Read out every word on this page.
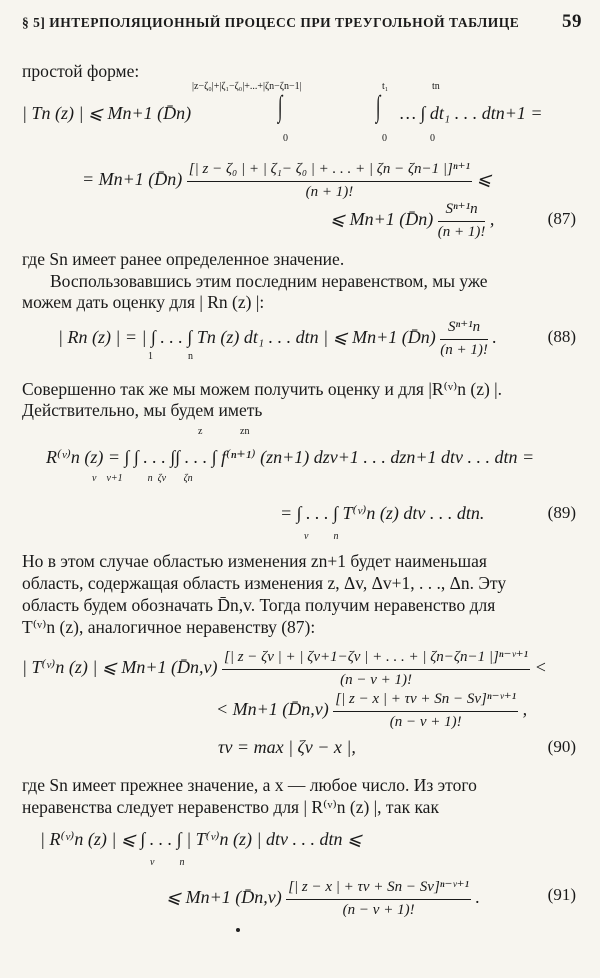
§ 5] ИНТЕРПОЛЯЦИОННЫЙ ПРОЦЕСС ПРИ ТРЕУГОЛЬНОЙ ТАБЛИЦЕ 59
простой форме:
|z−ζ₀|+|ζ₁−ζ₀|+...+|ζn−ζn−1|	t₁	tn
| Tn (z) | ⩽ Mn+1 (D̄n)	∫	∫ … ∫ dt₁ . . . dtn+1 =
0	0	0
= Mn+1 (D̄n) $\frac{\text{[| z − ζ₀ | + | ζ₁− ζ₀ | + . . . + | ζn − ζn−1 |]ⁿ⁺¹}}{(n + 1)!}$ ⩽
⩽ Mn+1 (D̄n) $\frac{\text{Sⁿ⁺¹n}}{(n + 1)!}$ ,	(87)
где Sn имеет ранее определенное значение.
Воспользовавшись этим последним неравенством, мы уже
можем дать оценку для | Rn (z) |:
| Rn (z) | = | ∫ . . . ∫ Tn (z) dt₁ . . . dtn | ⩽ Mn+1 (D̄n) $\frac{\text{Sⁿ⁺¹n}}{(n + 1)!}$ .
1	n
(88)
Совершенно так же мы можем получить оценку и для |R⁽ᵛ⁾n (z) |.
Действительно, мы будем иметь
z	zn
R⁽ᵛ⁾n (z) = ∫ ∫ . . . ∫∫ . . . ∫ f⁽ⁿ⁺¹⁾ (zn+1) dzv+1 . . . dzn+1 dtv . . . dtn =
v    v+1          n  ζv       ζn
= ∫ . . . ∫ T⁽ᵛ⁾n (z) dtv . . . dtn.
v          n
(89)
Но в этом случае областью изменения zn+1 будет наименьшая
область, содержащая область изменения z, Δv, Δv+1, . . ., Δn. Эту
область будем обозначать D̄n,v. Тогда получим неравенство для
T⁽ᵛ⁾n (z), аналогичное неравенству (87):
| T⁽ᵛ⁾n (z) | ⩽ Mn+1 (D̄n,v) $\frac{\text{[| z − ζv | + | ζv+1−ζv | + . . . + | ζn−ζn−1 |]ⁿ⁻ᵛ⁺¹}}{(n - v + 1)!}$ <
< Mn+1 (D̄n,v) $\frac{\text{[| z − x | + τv + Sn − Sv]ⁿ⁻ᵛ⁺¹}}{(n - v + 1)!}$ ,
τv = max | ζv − x |,	(90)
где Sn имеет прежнее значение, а x — любое число. Из этого
неравенства следует неравенство для | R⁽ᵛ⁾n (z) |, так как
| R⁽ᵛ⁾n (z) | ⩽ ∫ . . . ∫ | T⁽ᵛ⁾n (z) | dtv . . . dtn ⩽
v          n
⩽ Mn+1 (D̄n,v) $\frac{\text{[| z − x | + τv + Sn − Sv]ⁿ⁻ᵛ⁺¹}}{(n - v + 1)!}$ .	(91)
